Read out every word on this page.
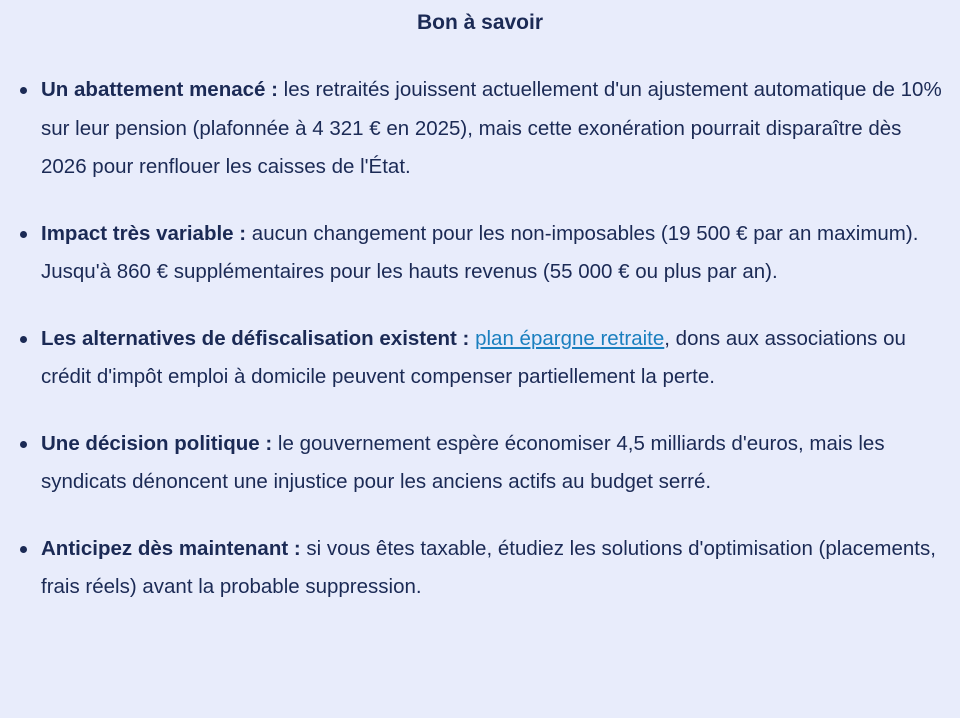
Bon à savoir
Un abattement menacé : les retraités jouissent actuellement d'un ajustement automatique de 10% sur leur pension (plafonnée à 4 321 € en 2025), mais cette exonération pourrait disparaître dès 2026 pour renflouer les caisses de l'État.
Impact très variable : aucun changement pour les non-imposables (19 500 € par an maximum). Jusqu'à 860 € supplémentaires pour les hauts revenus (55 000 € ou plus par an).
Les alternatives de défiscalisation existent : plan épargne retraite, dons aux associations ou crédit d'impôt emploi à domicile peuvent compenser partiellement la perte.
Une décision politique : le gouvernement espère économiser 4,5 milliards d'euros, mais les syndicats dénoncent une injustice pour les anciens actifs au budget serré.
Anticipez dès maintenant : si vous êtes taxable, étudiez les solutions d'optimisation (placements, frais réels) avant la probable suppression.
